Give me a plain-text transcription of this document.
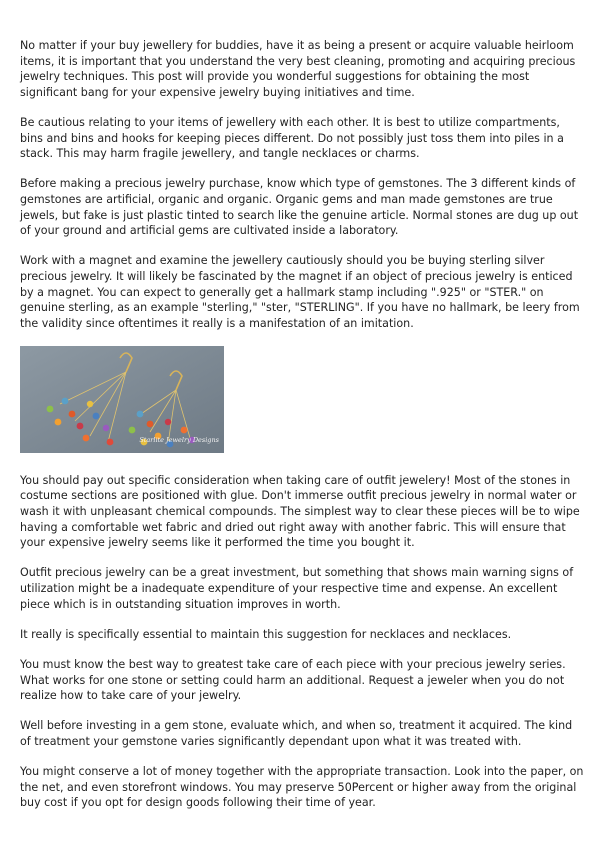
No matter if your buy jewellery for buddies, have it as being a present or acquire valuable heirloom items, it is important that you understand the very best cleaning, promoting and acquiring precious jewelry techniques. This post will provide you wonderful suggestions for obtaining the most significant bang for your expensive jewelry buying initiatives and time.

Be cautious relating to your items of jewellery with each other. It is best to utilize compartments, bins and bins and hooks for keeping pieces different. Do not possibly just toss them into piles in a stack. This may harm fragile jewellery, and tangle necklaces or charms.

Before making a precious jewelry purchase, know which type of gemstones. The 3 different kinds of gemstones are artificial, organic and organic. Organic gems and man made gemstones are true jewels, but fake is just plastic tinted to search like the genuine article. Normal stones are dug up out of your ground and artificial gems are cultivated inside a laboratory.

Work with a magnet and examine the jewellery cautiously should you be buying sterling silver precious jewelry. It will likely be fascinated by the magnet if an object of precious jewelry is enticed by a magnet. You can expect to generally get a hallmark stamp including ".925" or "STER." on genuine sterling, as an example "sterling," "ster, "STERLING". If you have no hallmark, be leery from the validity since oftentimes it really is a manifestation of an imitation.

Starlite Jewelry Designs

You should pay out specific consideration when taking care of outfit jewelery! Most of the stones in costume sections are positioned with glue. Don't immerse outfit precious jewelry in normal water or wash it with unpleasant chemical compounds. The simplest way to clear these pieces will be to wipe having a comfortable wet fabric and dried out right away with another fabric. This will ensure that your expensive jewelry seems like it performed the time you bought it.

Outfit precious jewelry can be a great investment, but something that shows main warning signs of utilization might be a inadequate expenditure of your respective time and expense. An excellent piece which is in outstanding situation improves in worth.

It really is specifically essential to maintain this suggestion for necklaces and necklaces.

You must know the best way to greatest take care of each piece with your precious jewelry series. What works for one stone or setting could harm an additional. Request a jeweler when you do not realize how to take care of your jewelry.

Well before investing in a gem stone, evaluate which, and when so, treatment it acquired. The kind of treatment your gemstone varies significantly dependant upon what it was treated with.

You might conserve a lot of money together with the appropriate transaction. Look into the paper, on the net, and even storefront windows. You may preserve 50Percent or higher away from the original buy cost if you opt for design goods following their time of year.
